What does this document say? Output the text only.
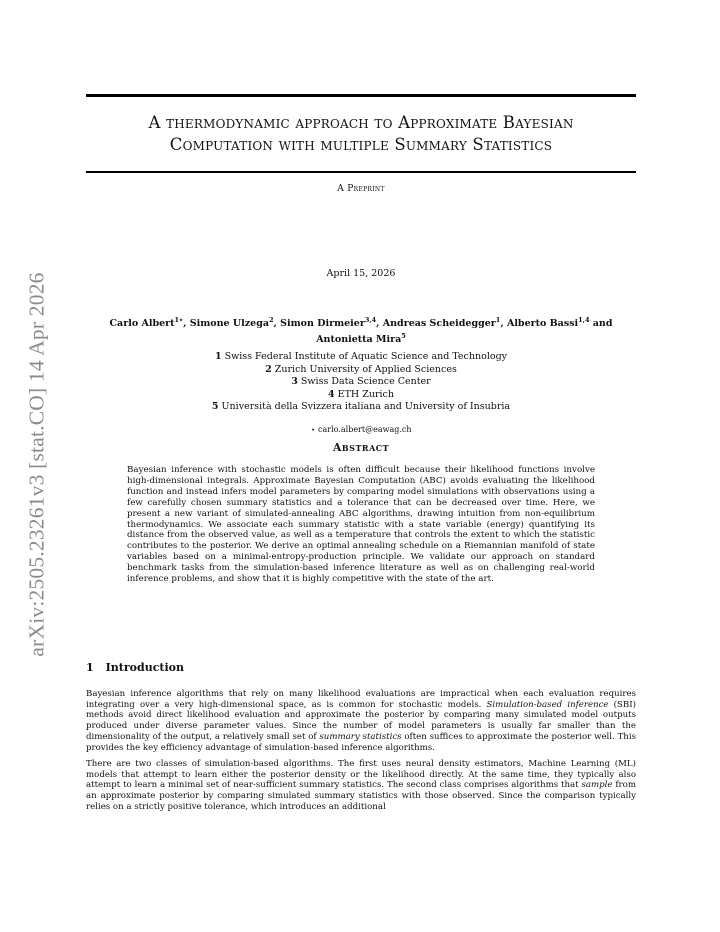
arXiv:2505.23261v3 [stat.CO] 14 Apr 2026
A thermodynamic approach to Approximate Bayesian
Computation with multiple Summary Statistics
A Preprint
April 15, 2026
Carlo Albert$^{1⋆}$, Simone Ulzega$^2$, Simon Dirmeier$^{3,4}$, Andreas Scheidegger$^1$, Alberto Bassi$^{1,4}$ and
Antonietta Mira$^5$
1 Swiss Federal Institute of Aquatic Science and Technology
2 Zurich University of Applied Sciences
3 Swiss Data Science Center
4 ETH Zurich
5 Università della Svizzera italiana and University of Insubria
⋆ carlo.albert@eawag.ch
Abstract
Bayesian inference with stochastic models is often difficult because their likelihood functions involve high-dimensional integrals. Approximate Bayesian Computation (ABC) avoids evaluating the likelihood function and instead infers model parameters by comparing model simulations with observations using a few carefully chosen summary statistics and a tolerance that can be decreased over time. Here, we present a new variant of simulated-annealing ABC algorithms, drawing intuition from non-equilibrium thermodynamics. We associate each summary statistic with a state variable (energy) quantifying its distance from the observed value, as well as a temperature that controls the extent to which the statistic contributes to the posterior. We derive an optimal annealing schedule on a Riemannian manifold of state variables based on a minimal-entropy-production principle. We validate our approach on standard benchmark tasks from the simulation-based inference literature as well as on challenging real-world inference problems, and show that it is highly competitive with the state of the art.
1 Introduction
Bayesian inference algorithms that rely on many likelihood evaluations are impractical when each evaluation requires integrating over a very high-dimensional space, as is common for stochastic models. Simulation-based inference (SBI) methods avoid direct likelihood evaluation and approximate the posterior by comparing many simulated model outputs produced under diverse parameter values. Since the number of model parameters is usually far smaller than the dimensionality of the output, a relatively small set of summary statistics often suffices to approximate the posterior well. This provides the key efficiency advantage of simulation-based inference algorithms.
There are two classes of simulation-based algorithms. The first uses neural density estimators, Machine Learning (ML) models that attempt to learn either the posterior density or the likelihood directly. At the same time, they typically also attempt to learn a minimal set of near-sufficient summary statistics. The second class comprises algorithms that sample from an approximate posterior by comparing simulated summary statistics with those observed. Since the comparison typically relies on a strictly positive tolerance, which introduces an additional
